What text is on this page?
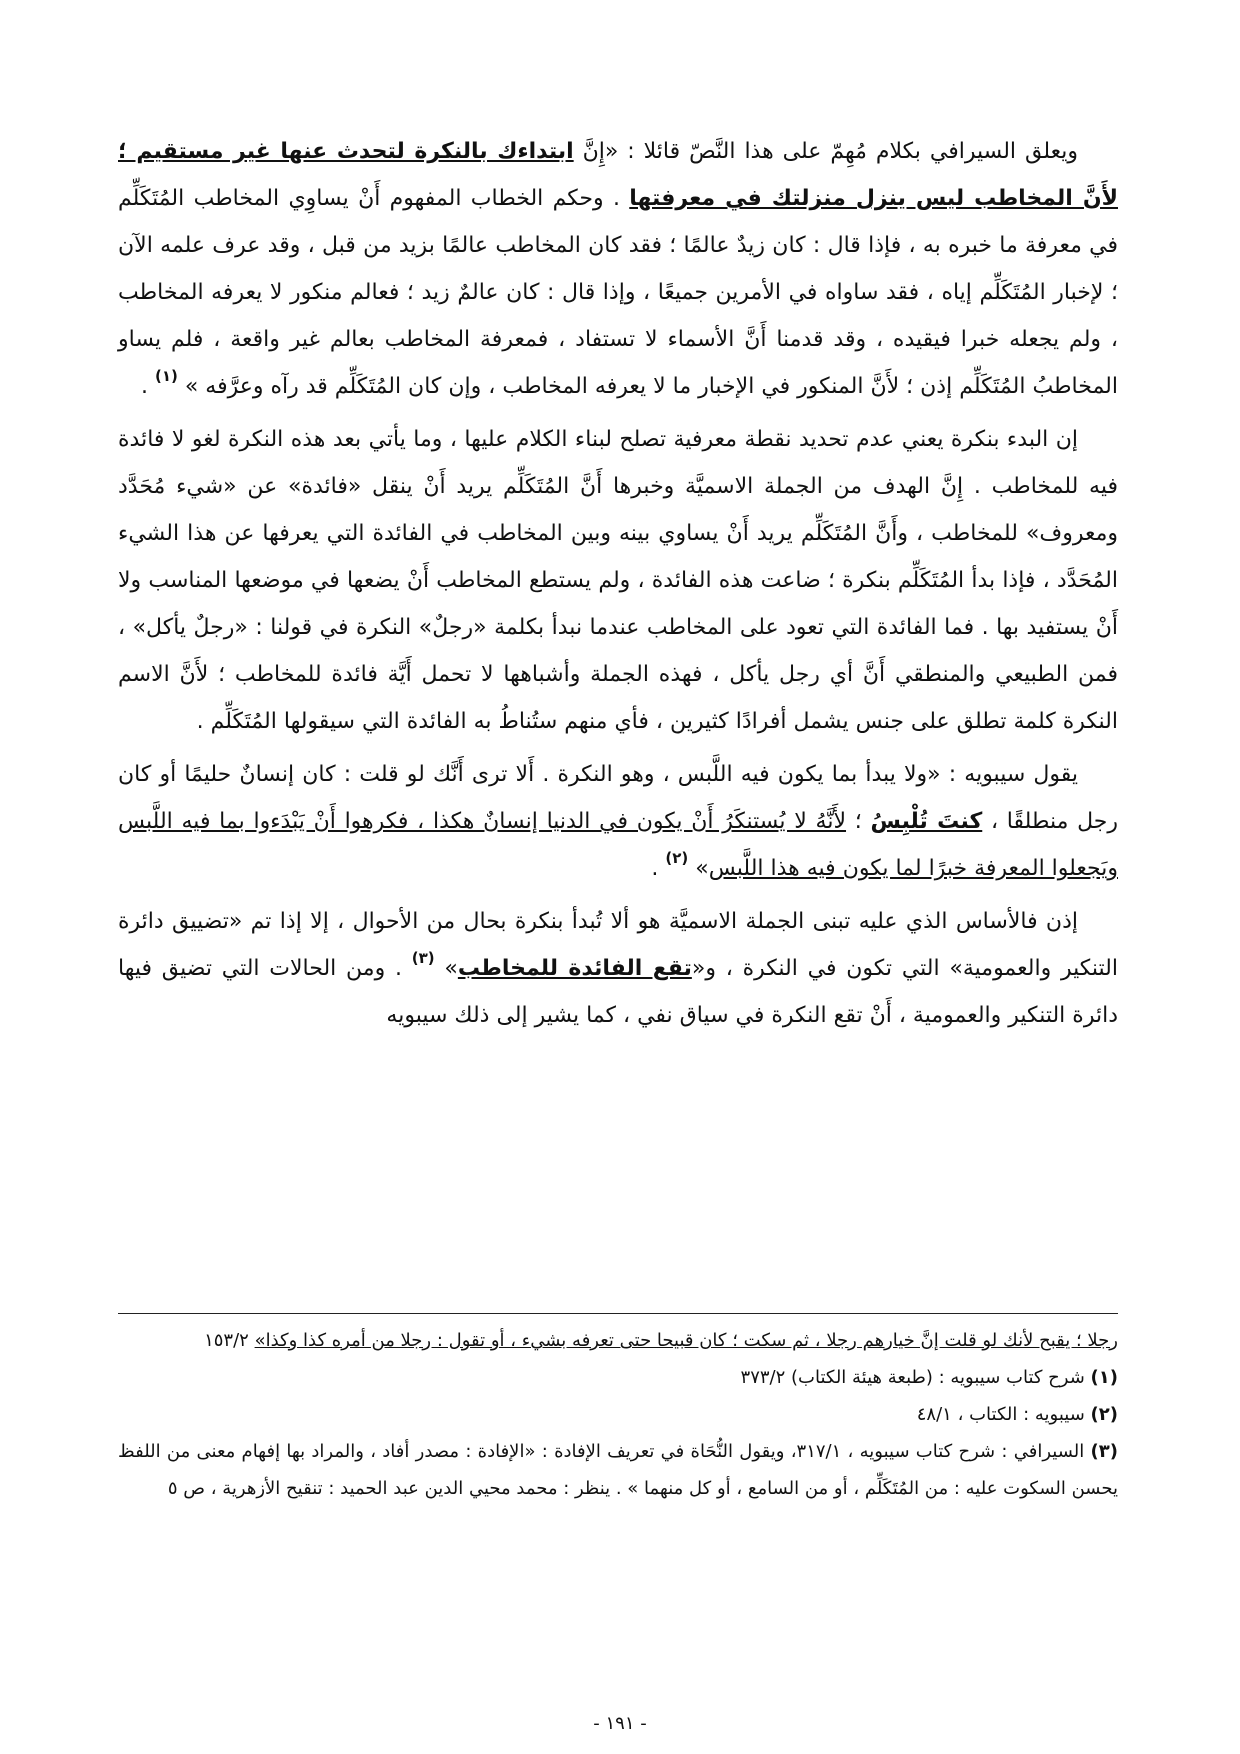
ويعلق السيرافي بكلام مُهِمّ على هذا النَّصّ قائلا : «إِنَّ ابتداءك بالنكرة لتحدث عنها غير مستقيم ؛ لأَنَّ المخاطب ليس ينزل منزلتك في معرفتها . وحكم الخطاب المفهوم أَنْ يساوِي المخاطب المُتَكَلِّم في معرفة ما خبره به ، فإذا قال : كان زيدٌ عالمًا ؛ فقد كان المخاطب عالمًا بزيد من قبل ، وقد عرف علمه الآن ؛ لإخبار المُتَكَلِّم إياه ، فقد ساواه في الأمرين جميعًا ، وإذا قال : كان عالمٌ زيد ؛ فعالم منكور لا يعرفه المخاطب ، ولم يجعله خبرا فيقيده ، وقد قدمنا أَنَّ الأسماء لا تستفاد ، فمعرفة المخاطب بعالم غير واقعة ، فلم يساو المخاطبُ المُتَكَلِّم إذن ؛ لأَنَّ المنكور في الإخبار ما لا يعرفه المخاطب ، وإن كان المُتَكَلِّم قد رآه وعرَّفه » $^{(١)}$ .

إن البدء بنكرة يعني عدم تحديد نقطة معرفية تصلح لبناء الكلام عليها ، وما يأتي بعد هذه النكرة لغو لا فائدة فيه للمخاطب . إِنَّ الهدف من الجملة الاسميَّة وخبرها أَنَّ المُتَكَلِّم يريد أَنْ ينقل «فائدة» عن «شيء مُحَدَّد ومعروف» للمخاطب ، وأَنَّ المُتَكَلِّم يريد أَنْ يساوي بينه وبين المخاطب في الفائدة التي يعرفها عن هذا الشيء المُحَدَّد ، فإذا بدأ المُتَكَلِّم بنكرة ؛ ضاعت هذه الفائدة ، ولم يستطع المخاطب أَنْ يضعها في موضعها المناسب ولا أَنْ يستفيد بها . فما الفائدة التي تعود على المخاطب عندما نبدأ بكلمة «رجلٌ» النكرة في قولنا : «رجلٌ يأكل» ، فمن الطبيعي والمنطقي أَنَّ أي رجل يأكل ، فهذه الجملة وأشباهها لا تحمل أَيَّة فائدة للمخاطب ؛ لأَنَّ الاسم النكرة كلمة تطلق على جنس يشمل أفرادًا كثيرين ، فأي منهم ستُناطُ به الفائدة التي سيقولها المُتَكَلِّم .

يقول سيبويه : «ولا يبدأ بما يكون فيه اللَّبس ، وهو النكرة . أَلا ترى أَنَّك لو قلت : كان إنسانٌ حليمًا أو كان رجل منطلقًا ، كنتَ تُلْبِسُ ؛ لأَنَّهُ لا يُستنكَرُ أَنْ يكون في الدنيا إنسانٌ هكذا ، فكرهوا أَنْ يَبْدَءوا بما فيه اللَّبس ويَجعلوا المعرفة خبرًا لما يكون فيه هذا اللَّبس» $^{(٢)}$ .

إذن فالأساس الذي عليه تبنى الجملة الاسميَّة هو ألا تُبدأ بنكرة بحال من الأحوال ، إلا إذا تم «تضييق دائرة التنكير والعمومية» التي تكون في النكرة ، و«تقع الفائدة للمخاطب» $^{(٣)}$ . ومن الحالات التي تضيق فيها دائرة التنكير والعمومية ، أَنْ تقع النكرة في سياق نفي ، كما يشير إلى ذلك سيبويه

رجلا ؛ يقبح لأنك لو قلت إنَّ خيارهم رجلا ، ثم سكت ؛ كان قبيحا حتى تعرفه بشيء ، أو تقول : رجلا من أمره كذا وكذا» ١٥٣/٢

(١) شرح كتاب سيبويه : (طبعة هيئة الكتاب) ٣٧٣/٢

(٢) سيبويه : الكتاب ، ٤٨/١

(٣) السيرافي : شرح كتاب سيبويه ، ٣١٧/١، ويقول النُّحَاة في تعريف الإفادة : «الإفادة : مصدر أفاد ، والمراد بها إفهام معنى من اللفظ يحسن السكوت عليه : من المُتَكَلِّم ، أو من السامع ، أو كل منهما » . ينظر : محمد محيي الدين عبد الحميد : تنقيح الأزهرية ، ص ٥

- ١٩١ -
